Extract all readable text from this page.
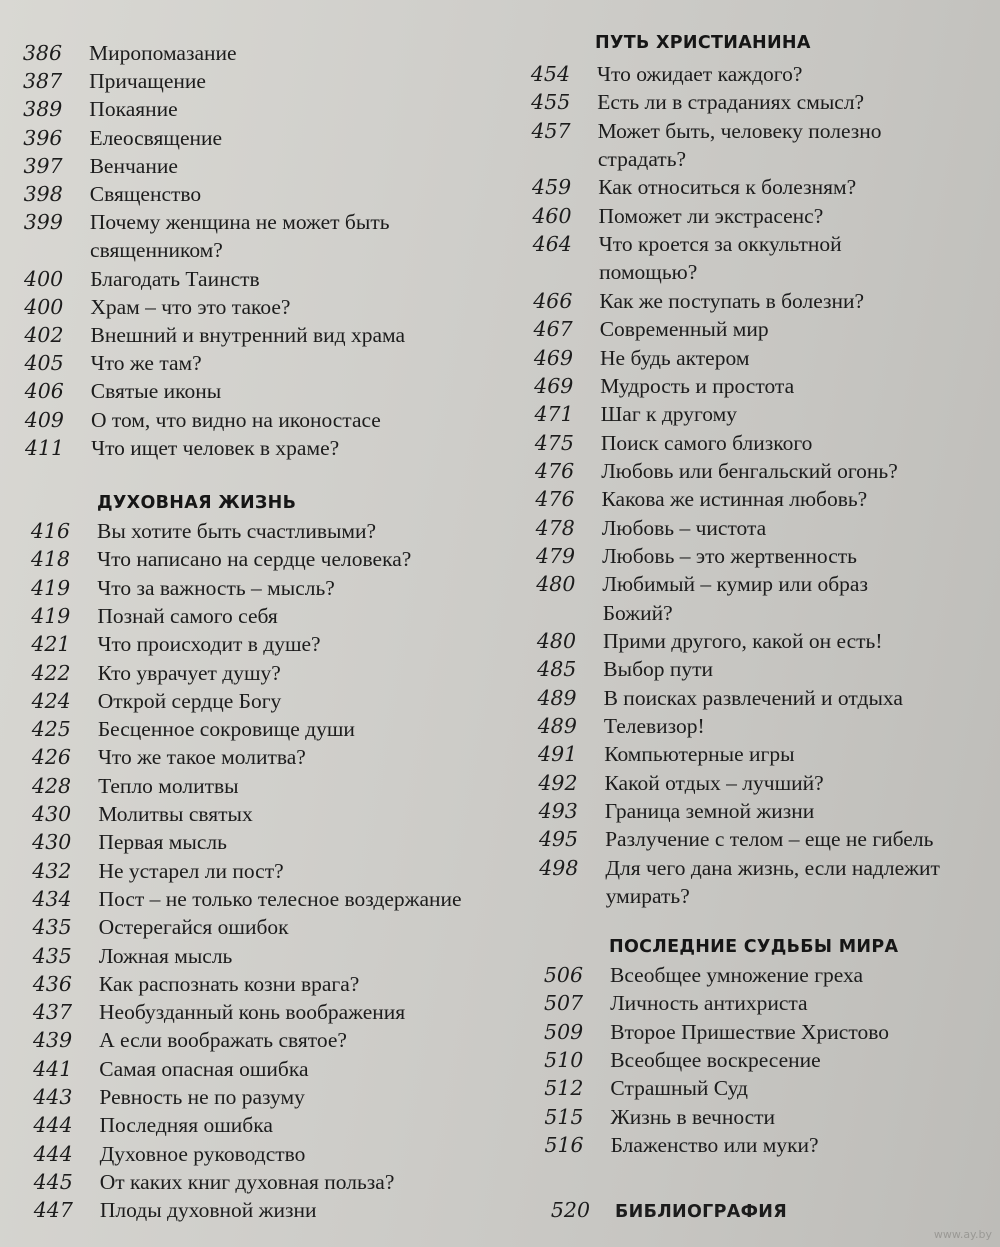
386 Миропомазание
387 Причащение
389 Покаяние
396 Елеосвящение
397 Венчание
398 Священство
399 Почему женщина не может быть
священником?
400 Благодать Таинств
400 Храм – что это такое?
402 Внешний и внутренний вид храма
405 Что же там?
406 Святые иконы
409 О том, что видно на иконостасе
411 Что ищет человек в храме?
ДУХОВНАЯ ЖИЗНЬ
416 Вы хотите быть счастливыми?
418 Что написано на сердце человека?
419 Что за важность – мысль?
419 Познай самого себя
421 Что происходит в душе?
422 Кто уврачует душу?
424 Открой сердце Богу
425 Бесценное сокровище души
426 Что же такое молитва?
428 Тепло молитвы
430 Молитвы святых
430 Первая мысль
432 Не устарел ли пост?
434 Пост – не только телесное воздержание
435 Остерегайся ошибок
435 Ложная мысль
436 Как распознать козни врага?
437 Необузданный конь воображения
439 А если воображать святое?
441 Самая опасная ошибка
443 Ревность не по разуму
444 Последняя ошибка
444 Духовное руководство
445 От каких книг духовная польза?
447 Плоды духовной жизни
ПУТЬ ХРИСТИАНИНА
454 Что ожидает каждого?
455 Есть ли в страданиях смысл?
457 Может быть, человеку полезно
страдать?
459 Как относиться к болезням?
460 Поможет ли экстрасенс?
464 Что кроется за оккультной
помощью?
466 Как же поступать в болезни?
467 Современный мир
469 Не будь актером
469 Мудрость и простота
471 Шаг к другому
475 Поиск самого близкого
476 Любовь или бенгальский огонь?
476 Какова же истинная любовь?
478 Любовь – чистота
479 Любовь – это жертвенность
480 Любимый – кумир или образ
Божий?
480 Прими другого, какой он есть!
485 Выбор пути
489 В поисках развлечений и отдыха
489 Телевизор!
491 Компьютерные игры
492 Какой отдых – лучший?
493 Граница земной жизни
495 Разлучение с телом – еще не гибель
498 Для чего дана жизнь, если надлежит
умирать?
ПОСЛЕДНИЕ СУДЬБЫ МИРА
506 Всеобщее умножение греха
507 Личность антихриста
509 Второе Пришествие Христово
510 Всеобщее воскресение
512 Страшный Суд
515 Жизнь в вечности
516 Блаженство или муки?
520 БИБЛИОГРАФИЯ
www.ay.by
